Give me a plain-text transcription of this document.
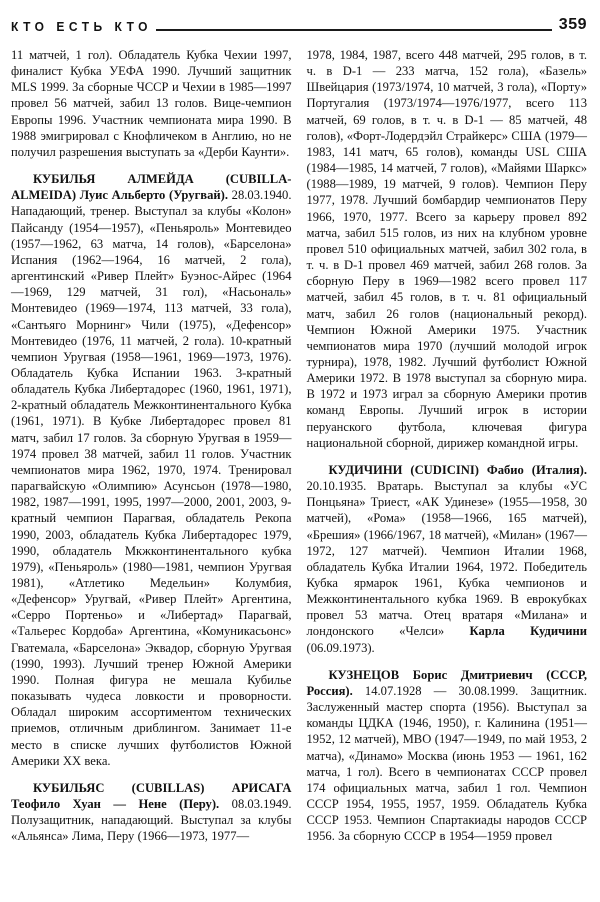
КТО ЕСТЬ КТО	359

11 матчей, 1 гол). Обладатель Кубка Чехии 1997, финалист Кубка УЕФА 1990. Лучший защитник MLS 1999. За сборные ЧССР и Чехии в 1985—1997 провел 56 матчей, забил 13 голов. Вице-чемпион Европы 1996. Участник чемпионата мира 1990. В 1988 эмигрировал с Кнофличеком в Англию, но не получил разрешения выступать за «Дерби Каунти».

КУБИЛЬЯ АЛМЕЙДА (CUBILLA-ALMEIDA) Луис Альберто (Уругвай). 28.03.1940. Нападающий, тренер. Выступал за клубы «Колон» Пайсанду (1954—1957), «Пеньяроль» Монтевидео (1957—1962, 63 матча, 14 голов), «Барселона» Испания (1962—1964, 16 матчей, 2 гола), аргентинский «Ривер Плейт» Буэнос-Айрес (1964—1969, 129 матчей, 31 гол), «Насьональ» Монтевидео (1969—1974, 113 матчей, 33 гола), «Сантьяго Морнинг» Чили (1975), «Дефенсор» Монтевидео (1976, 11 матчей, 2 гола). 10-кратный чемпион Уругвая (1958—1961, 1969—1973, 1976). Обладатель Кубка Испании 1963. 3-кратный обладатель Кубка Либертадорес (1960, 1961, 1971), 2-кратный обладатель Межконтинентального Кубка (1961, 1971). В Кубке Либертадорес провел 81 матч, забил 17 голов. За сборную Уругвая в 1959—1974 провел 38 матчей, забил 11 голов. Участник чемпионатов мира 1962, 1970, 1974. Тренировал парагвайскую «Олимпию» Асунсьон (1978—1980, 1982, 1987—1991, 1995, 1997—2000, 2001, 2003, 9-кратный чемпион Парагвая, обладатель Рекопа 1990, 2003, обладатель Кубка Либертадорес 1979, 1990, обладатель Мкжконтинентального кубка 1979), «Пеньяроль» (1980—1981, чемпион Уругвая 1981), «Атлетико Медельин» Колумбия, «Дефенсор» Уругвай, «Ривер Плейт» Аргентина, «Серро Портеньо» и «Либертад» Парагвай, «Тальерес Кордоба» Аргентина, «Комуникасьонс» Гватемала, «Барселона» Эквадор, сборную Уругвая (1990, 1993). Лучший тренер Южной Америки 1990. Полная фигура не мешала Кубилье показывать чудеса ловкости и проворности. Обладал широким ассортиментом технических приемов, отличным дриблингом. Занимает 11-е место в списке лучших футболистов Южной Америки XX века.

КУБИЛЬЯС (CUBILLAS) АРИСАГА Теофило Хуан — Нене (Перу). 08.03.1949. Полузащитник, нападающий. Выступал за клубы «Альянса» Лима, Перу (1966—1973, 1977—

1978, 1984, 1987, всего 448 матчей, 295 голов, в т. ч. в D-1 — 233 матча, 152 гола), «Базель» Швейцария (1973/1974, 10 матчей, 3 гола), «Порту» Португалия (1973/1974—1976/1977, всего 113 матчей, 69 голов, в т. ч. в D-1 — 85 матчей, 48 голов), «Форт-Лодердэйл Страйкерс» США (1979—1983, 141 матч, 65 голов), команды USL США (1984—1985, 14 матчей, 7 голов), «Майями Шаркс» (1988—1989, 19 матчей, 9 голов). Чемпион Перу 1977, 1978. Лучший бомбардир чемпионатов Перу 1966, 1970, 1977. Всего за карьеру провел 892 матча, забил 515 голов, из них на клубном уровне провел 510 официальных матчей, забил 302 гола, в т. ч. в D-1 провел 469 матчей, забил 268 голов. За сборную Перу в 1969—1982 всего провел 117 матчей, забил 45 голов, в т. ч. 81 официальный матч, забил 26 голов (национальный рекорд). Чемпион Южной Америки 1975. Участник чемпионатов мира 1970 (лучший молодой игрок турнира), 1978, 1982. Лучший футболист Южной Америки 1972. В 1978 выступал за сборную мира. В 1972 и 1973 играл за сборную Америки против команд Европы. Лучший игрок в истории перуанского футбола, ключевая фигура национальной сборной, дирижер командной игры.

КУДИЧИНИ (CUDICINI) Фабио (Италия). 20.10.1935. Вратарь. Выступал за клубы «УС Понцьяна» Триест, «АК Удинезе» (1955—1958, 30 матчей), «Рома» (1958—1966, 165 матчей), «Брешия» (1966/1967, 18 матчей), «Милан» (1967—1972, 127 матчей). Чемпион Италии 1968, обладатель Кубка Италии 1964, 1972. Победитель Кубка ярмарок 1961, Кубка чемпионов и Межконтинентального кубка 1969. В еврокубках провел 53 матча. Отец вратаря «Милана» и лондонского «Челси» Карла Кудичини (06.09.1973).

КУЗНЕЦОВ Борис Дмитриевич (СССР, Россия). 14.07.1928 — 30.08.1999. Защитник. Заслуженный мастер спорта (1956). Выступал за команды ЦДКА (1946, 1950), г. Калинина (1951—1952, 12 матчей), МВО (1947—1949, по май 1953, 2 матча), «Динамо» Москва (июнь 1953 — 1961, 162 матча, 1 гол). Всего в чемпионатах СССР провел 174 официальных матча, забил 1 гол. Чемпион СССР 1954, 1955, 1957, 1959. Обладатель Кубка СССР 1953. Чемпион Спартакиады народов СССР 1956. За сборную СССР в 1954—1959 провел
